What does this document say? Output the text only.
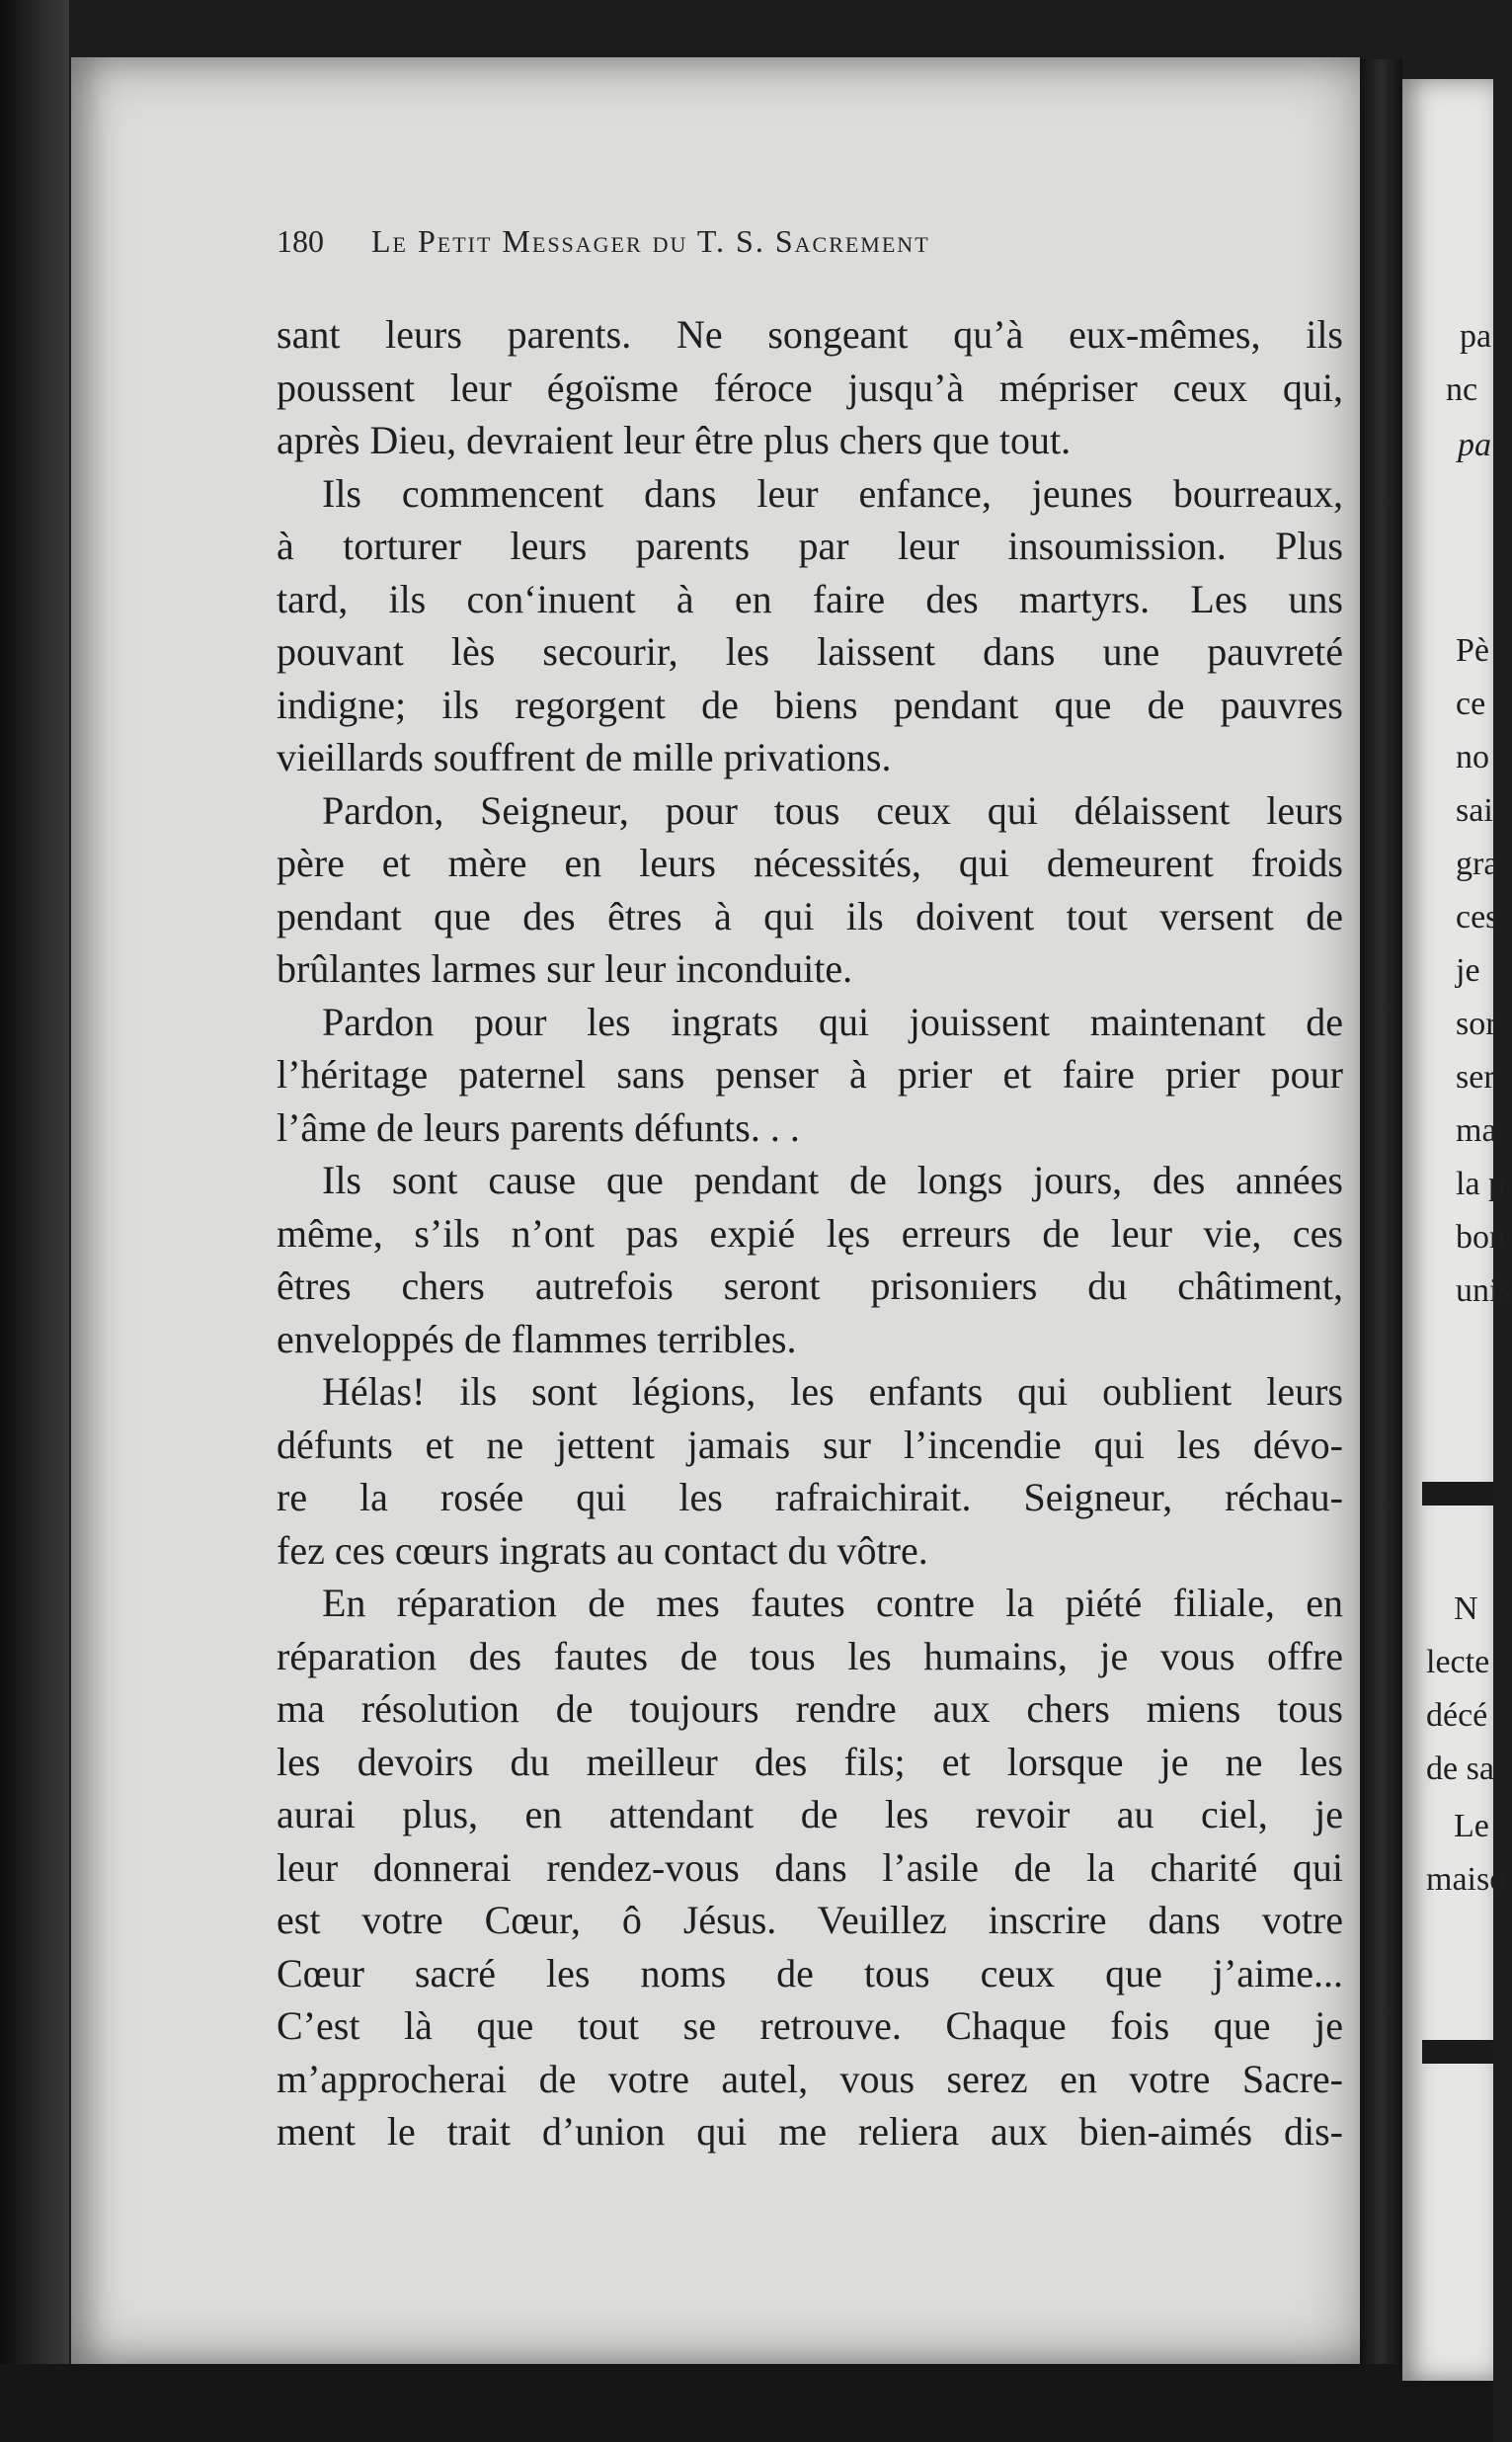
180 Le Petit Messager du T. S. Sacrement
sant leurs parents. Ne songeant qu’à eux-mêmes, ils
poussent leur égoïsme féroce jusqu’à mépriser ceux qui,
après Dieu, devraient leur être plus chers que tout.
Ils commencent dans leur enfance, jeunes bourreaux,
à torturer leurs parents par leur insoumission. Plus
tard, ils con‘inuent à en faire des martyrs. Les uns
pouvant lès secourir, les laissent dans une pauvreté
indigne; ils regorgent de biens pendant que de pauvres
vieillards souffrent de mille privations.
Pardon, Seigneur, pour tous ceux qui délaissent leurs
père et mère en leurs nécessités, qui demeurent froids
pendant que des êtres à qui ils doivent tout versent de
brûlantes larmes sur leur inconduite.
Pardon pour les ingrats qui jouissent maintenant de
l’héritage paternel sans penser à prier et faire prier pour
l’âme de leurs parents défunts. . .
Ils sont cause que pendant de longs jours, des années
même, s’ils n’ont pas expié lęs erreurs de leur vie, ces
êtres chers autrefois seront prisonıiers du châtiment,
enveloppés de flammes terribles.
Hélas! ils sont légions, les enfants qui oublient leurs
défunts et ne jettent jamais sur l’incendie qui les dévo-
re la rosée qui les rafraichirait. Seigneur, réchau-
fez ces cœurs ingrats au contact du vôtre.
En réparation de mes fautes contre la piété filiale, en
réparation des fautes de tous les humains, je vous offre
ma résolution de toujours rendre aux chers miens tous
les devoirs du meilleur des fils; et lorsque je ne les
aurai plus, en attendant de les revoir au ciel, je
leur donnerai rendez-vous dans l’asile de la charité qui
est votre Cœur, ô Jésus. Veuillez inscrire dans votre
Cœur sacré les noms de tous ceux que j’aime...
C’est là que tout se retrouve. Chaque fois que je
m’approcherai de votre autel, vous serez en votre Sacre-
ment le trait d’union qui me reliera aux bien-aimés dis-
pa
nc
pa
Pè
ce
no
sai
gra
ces
je
sor
ser
ma
la p
bon
unis
N
lecte
décé
de sa
Le
maiso
